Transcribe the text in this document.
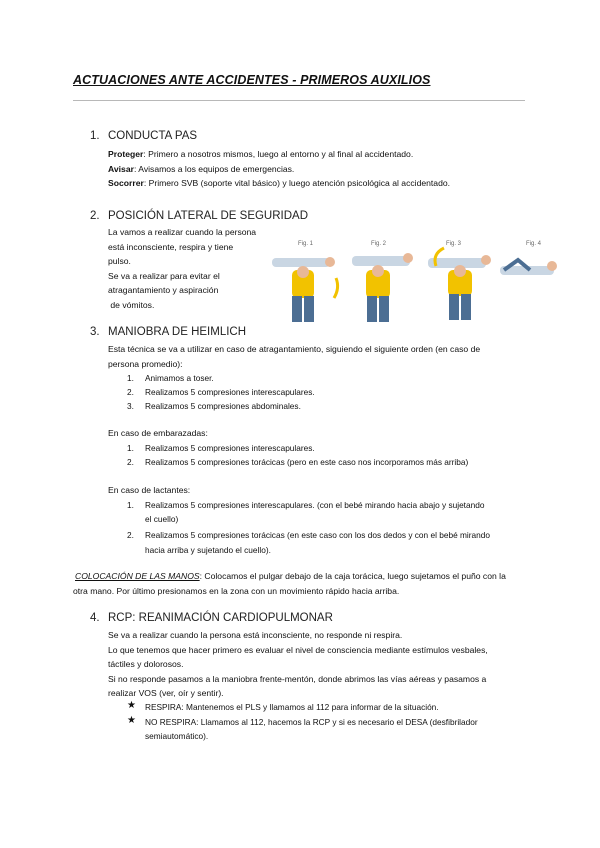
ACTUACIONES ANTE ACCIDENTES - PRIMEROS AUXILIOS
1. CONDUCTA PAS
Proteger: Primero a nosotros mismos, luego al entorno y al final al accidentado.
Avisar: Avisamos a los equipos de emergencias.
Socorrer: Primero SVB (soporte vital básico) y luego atención psicológica al accidentado.
2. POSICIÓN LATERAL DE SEGURIDAD
La vamos a realizar cuando la persona
está inconsciente, respira y tiene
pulso.
Se va a realizar para evitar el
atragantamiento y aspiración
de vómitos.
Fig. 1	Fig. 2	Fig. 3	Fig. 4
3. MANIOBRA DE HEIMLICH
Esta técnica se va a utilizar en caso de atragantamiento, siguiendo el siguiente orden (en caso de
persona promedio):
1. Animamos a toser.
2. Realizamos 5 compresiones interescapulares.
3. Realizamos 5 compresiones abdominales.
En caso de embarazadas:
1. Realizamos 5 compresiones interescapulares.
2. Realizamos 5 compresiones torácicas (pero en este caso nos incorporamos más arriba)
En caso de lactantes:
1. Realizamos 5 compresiones interescapulares. (con el bebé mirando hacia abajo y sujetando
el cuello)
2. Realizamos 5 compresiones torácicas (en este caso con los dos dedos y con el bebé mirando
hacia arriba y sujetando el cuello).
COLOCACIÓN DE LAS MANOS: Colocamos el pulgar debajo de la caja torácica, luego sujetamos el puño con la
otra mano. Por último presionamos en la zona con un movimiento rápido hacia arriba.
4. RCP: REANIMACIÓN CARDIOPULMONAR
Se va a realizar cuando la persona está inconsciente, no responde ni respira.
Lo que tenemos que hacer primero es evaluar el nivel de consciencia mediante estímulos vesbales,
táctiles y dolorosos.
Si no responde pasamos a la maniobra frente-mentón, donde abrimos las vías aéreas y pasamos a
realizar VOS (ver, oír y sentir).
★ RESPIRA: Mantenemos el PLS y llamamos al 112 para informar de la situación.
★ NO RESPIRA: Llamamos al 112, hacemos la RCP y si es necesario el DESA (desfibrilador
semiautomático).
